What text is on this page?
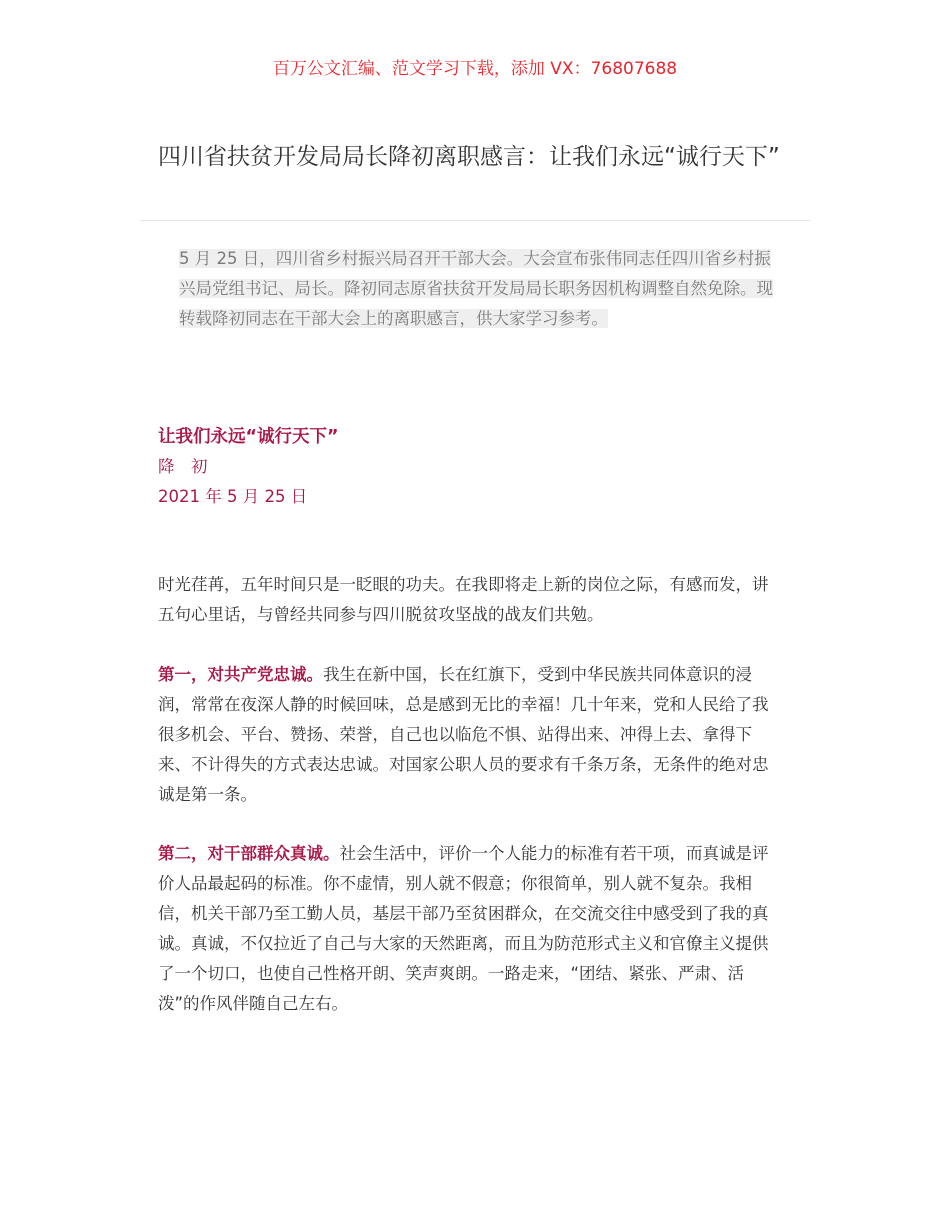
百万公文汇编、范文学习下载，添加 VX：76807688
四川省扶贫开发局局长降初离职感言：让我们永远“诚行天下”

5 月 25 日，四川省乡村振兴局召开干部大会。大会宣布张伟同志任四川省乡村振兴局党组书记、局长。降初同志原省扶贫开发局局长职务因机构调整自然免除。现转载降初同志在干部大会上的离职感言，供大家学习参考。

让我们永远“诚行天下”
降　初
2021 年 5 月 25 日

时光荏苒，五年时间只是一眨眼的功夫。在我即将走上新的岗位之际，有感而发，讲五句心里话，与曾经共同参与四川脱贫攻坚战的战友们共勉。

第一，对共产党忠诚。我生在新中国，长在红旗下，受到中华民族共同体意识的浸润，常常在夜深人静的时候回味，总是感到无比的幸福！几十年来，党和人民给了我很多机会、平台、赞扬、荣誉，自己也以临危不惧、站得出来、冲得上去、拿得下来、不计得失的方式表达忠诚。对国家公职人员的要求有千条万条，无条件的绝对忠诚是第一条。

第二，对干部群众真诚。社会生活中，评价一个人能力的标准有若干项，而真诚是评价人品最起码的标准。你不虚情，别人就不假意；你很简单，别人就不复杂。我相信，机关干部乃至工勤人员，基层干部乃至贫困群众，在交流交往中感受到了我的真诚。真诚，不仅拉近了自己与大家的天然距离，而且为防范形式主义和官僚主义提供了一个切口，也使自己性格开朗、笑声爽朗。一路走来，“团结、紧张、严肃、活泼”的作风伴随自己左右。
